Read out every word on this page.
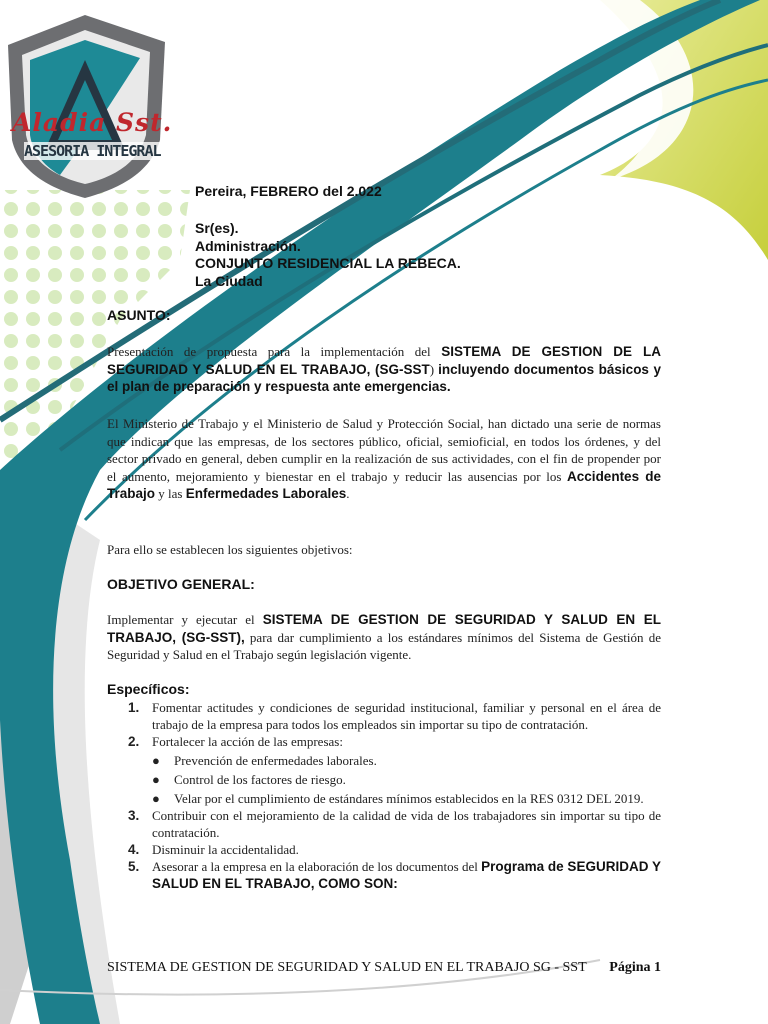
Aladia Sst.
ASESORIA INTEGRAL
Pereira, FEBRERO del 2.022
Sr(es).
Administración.
CONJUNTO RESIDENCIAL LA REBECA.
La Ciudad
ASUNTO:
Presentación de propuesta para la implementación del SISTEMA DE GESTION DE LA SEGURIDAD Y SALUD EN EL TRABAJO, (SG-SST) incluyendo documentos básicos y el plan de preparación y respuesta ante emergencias.
El Ministerio de Trabajo y el Ministerio de Salud y Protección Social, han dictado una serie de normas que indican que las empresas, de los sectores público, oficial, semioficial, en todos los órdenes, y del sector privado en general, deben cumplir en la realización de sus actividades, con el fin de propender por el aumento, mejoramiento y bienestar en el trabajo y reducir las ausencias por los Accidentes de Trabajo y las Enfermedades Laborales.
Para ello se establecen los siguientes objetivos:
OBJETIVO GENERAL:
Implementar y ejecutar el SISTEMA DE GESTION DE SEGURIDAD Y SALUD EN EL TRABAJO, (SG-SST), para dar cumplimiento a los estándares mínimos del Sistema de Gestión de Seguridad y Salud en el Trabajo según legislación vigente.
Específicos:
1. Fomentar actitudes y condiciones de seguridad institucional, familiar y personal en el área de trabajo de la empresa para todos los empleados sin importar su tipo de contratación.
2. Fortalecer la acción de las empresas:
● Prevención de enfermedades laborales.
● Control de los factores de riesgo.
● Velar por el cumplimiento de estándares mínimos establecidos en la RES 0312 DEL 2019.
3. Contribuir con el mejoramiento de la calidad de vida de los trabajadores sin importar su tipo de contratación.
4. Disminuir la accidentalidad.
5. Asesorar a la empresa en la elaboración de los documentos del Programa de SEGURIDAD Y SALUD EN EL TRABAJO, COMO SON:
SISTEMA DE GESTION DE SEGURIDAD Y SALUD EN EL TRABAJO SG - SST Página 1
